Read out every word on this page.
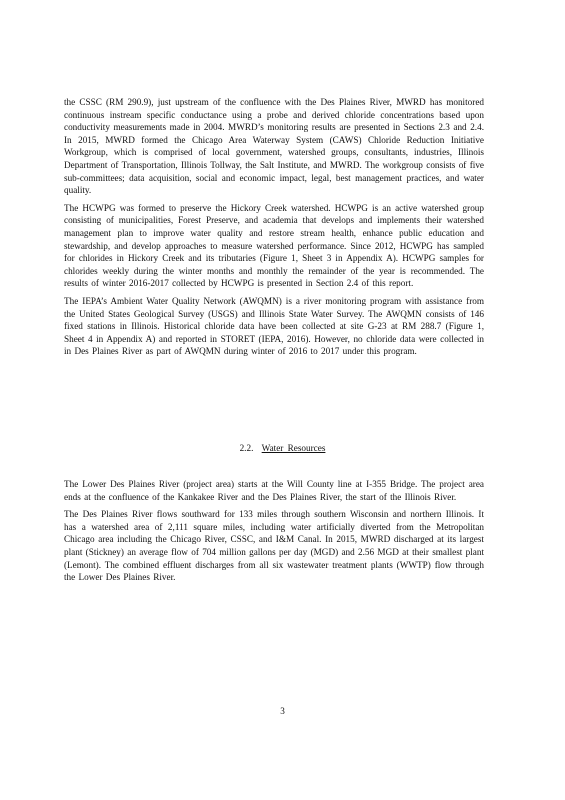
the CSSC (RM 290.9), just upstream of the confluence with the Des Plaines River, MWRD has monitored continuous instream specific conductance using a probe and derived chloride concentrations based upon conductivity measurements made in 2004. MWRD’s monitoring results are presented in Sections 2.3 and 2.4. In 2015, MWRD formed the Chicago Area Waterway System (CAWS) Chloride Reduction Initiative Workgroup, which is comprised of local government, watershed groups, consultants, industries, Illinois Department of Transportation, Illinois Tollway, the Salt Institute, and MWRD. The workgroup consists of five sub-committees; data acquisition, social and economic impact, legal, best management practices, and water quality.

The HCWPG was formed to preserve the Hickory Creek watershed. HCWPG is an active watershed group consisting of municipalities, Forest Preserve, and academia that develops and implements their watershed management plan to improve water quality and restore stream health, enhance public education and stewardship, and develop approaches to measure watershed performance. Since 2012, HCWPG has sampled for chlorides in Hickory Creek and its tributaries (Figure 1, Sheet 3 in Appendix A). HCWPG samples for chlorides weekly during the winter months and monthly the remainder of the year is recommended. The results of winter 2016-2017 collected by HCWPG is presented in Section 2.4 of this report.

The IEPA’s Ambient Water Quality Network (AWQMN) is a river monitoring program with assistance from the United States Geological Survey (USGS) and Illinois State Water Survey. The AWQMN consists of 146 fixed stations in Illinois. Historical chloride data have been collected at site G-23 at RM 288.7 (Figure 1, Sheet 4 in Appendix A) and reported in STORET (IEPA, 2016). However, no chloride data were collected in in Des Plaines River as part of AWQMN during winter of 2016 to 2017 under this program.

2.2. Water Resources

The Lower Des Plaines River (project area) starts at the Will County line at I-355 Bridge. The project area ends at the confluence of the Kankakee River and the Des Plaines River, the start of the Illinois River.

The Des Plaines River flows southward for 133 miles through southern Wisconsin and northern Illinois. It has a watershed area of 2,111 square miles, including water artificially diverted from the Metropolitan Chicago area including the Chicago River, CSSC, and I&M Canal. In 2015, MWRD discharged at its largest plant (Stickney) an average flow of 704 million gallons per day (MGD) and 2.56 MGD at their smallest plant (Lemont). The combined effluent discharges from all six wastewater treatment plants (WWTP) flow through the Lower Des Plaines River.

3
